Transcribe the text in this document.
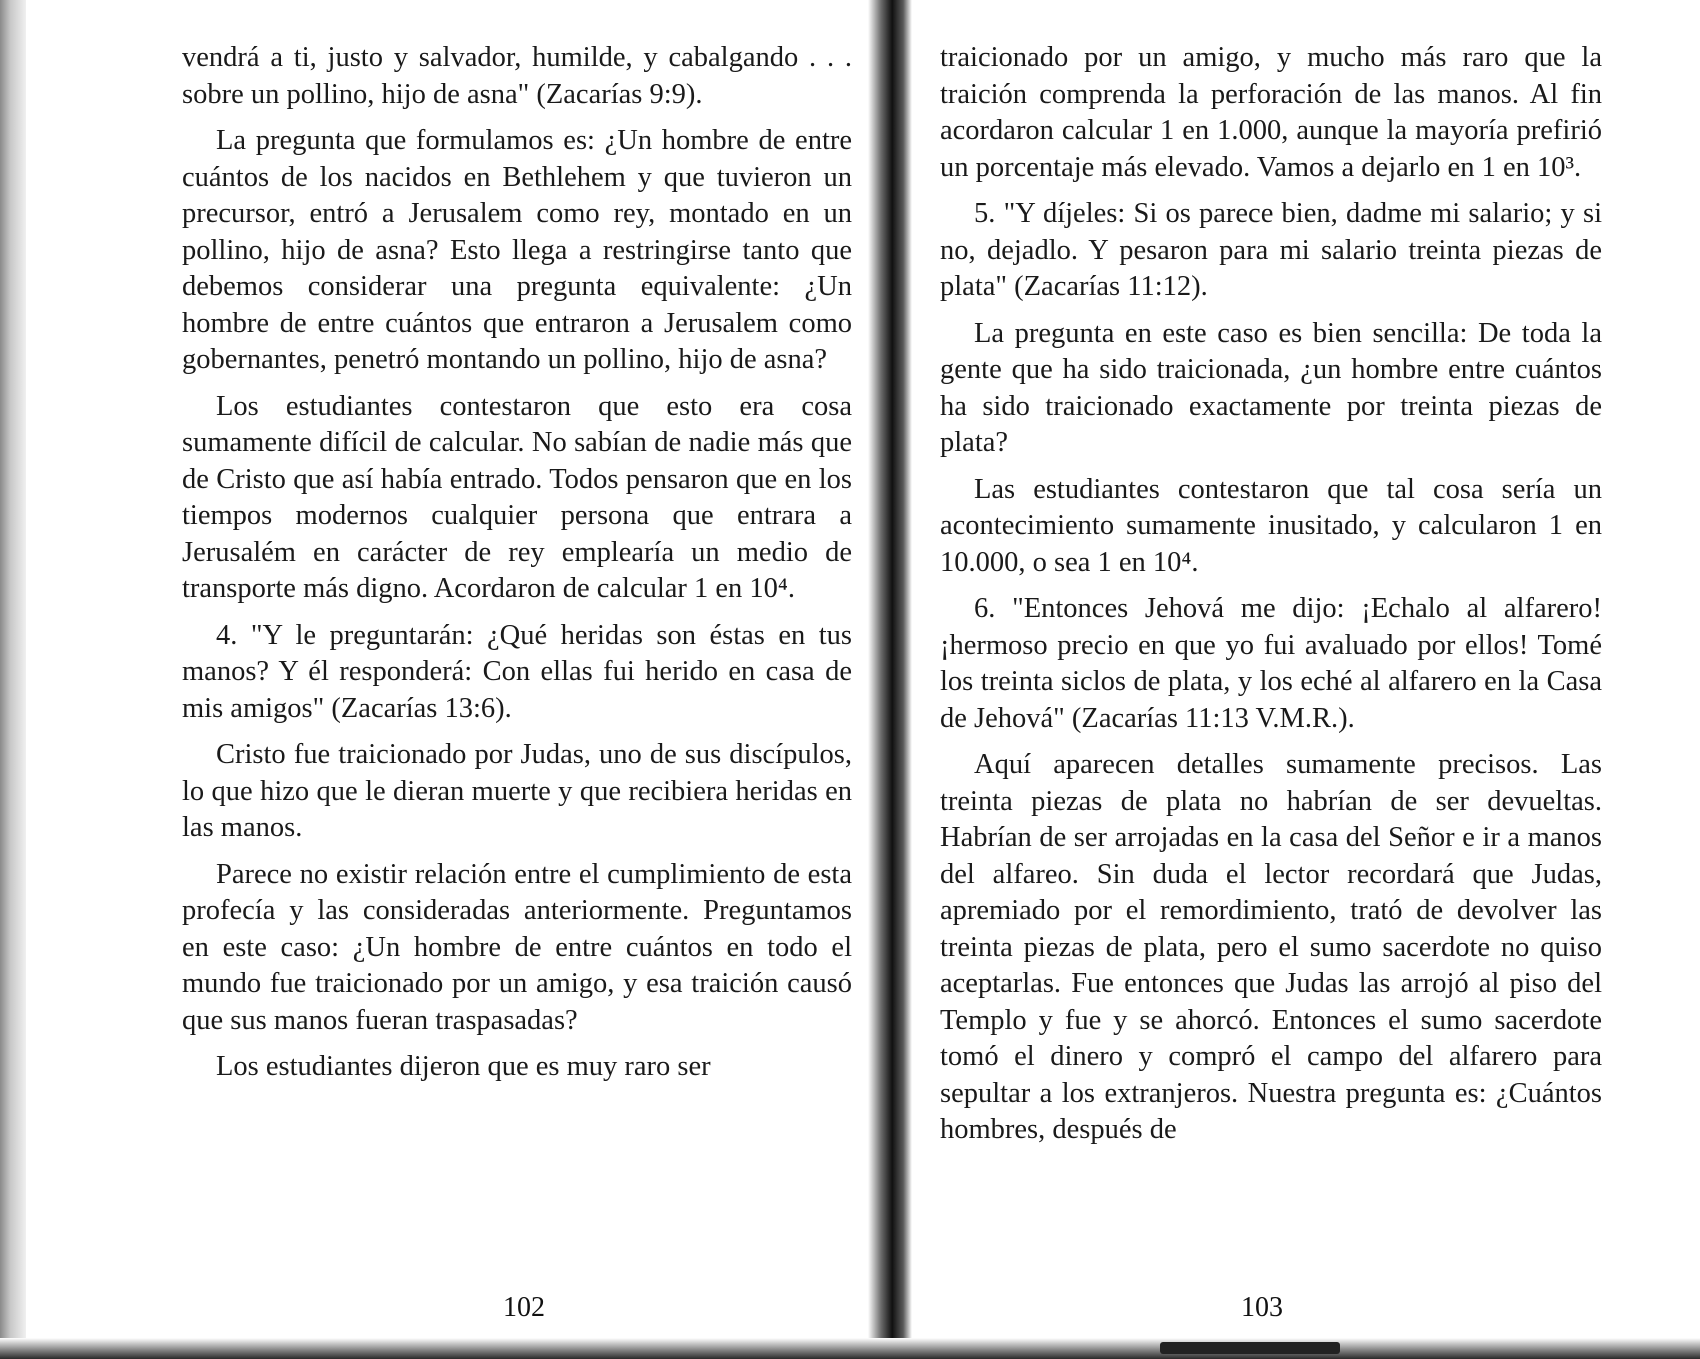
vendrá a ti, justo y salvador, humilde, y cabalgando . . . sobre un pollino, hijo de asna" (Zacarías 9:9).

La pregunta que formulamos es: ¿Un hombre de entre cuántos de los nacidos en Bethlehem y que tuvieron un precursor, entró a Jerusalem como rey, montado en un pollino, hijo de asna? Esto llega a restringirse tanto que debemos considerar una pregunta equivalente: ¿Un hombre de entre cuántos que entraron a Jerusalem como gobernantes, penetró montando un pollino, hijo de asna?

Los estudiantes contestaron que esto era cosa sumamente difícil de calcular. No sabían de nadie más que de Cristo que así había entrado. Todos pensaron que en los tiempos modernos cualquier persona que entrara a Jerusalém en carácter de rey emplearía un medio de transporte más digno. Acordaron de calcular 1 en 10⁴.

4. "Y le preguntarán: ¿Qué heridas son éstas en tus manos? Y él responderá: Con ellas fui herido en casa de mis amigos" (Zacarías 13:6).

Cristo fue traicionado por Judas, uno de sus discípulos, lo que hizo que le dieran muerte y que recibiera heridas en las manos.

Parece no existir relación entre el cumplimiento de esta profecía y las consideradas anteriormente. Preguntamos en este caso: ¿Un hombre de entre cuántos en todo el mundo fue traicionado por un amigo, y esa traición causó que sus manos fueran traspasadas?

Los estudiantes dijeron que es muy raro ser

102

traicionado por un amigo, y mucho más raro que la traición comprenda la perforación de las manos. Al fin acordaron calcular 1 en 1.000, aunque la mayoría prefirió un porcentaje más elevado. Vamos a dejarlo en 1 en 10³.

5. "Y díjeles: Si os parece bien, dadme mi salario; y si no, dejadlo. Y pesaron para mi salario treinta piezas de plata" (Zacarías 11:12).

La pregunta en este caso es bien sencilla: De toda la gente que ha sido traicionada, ¿un hombre entre cuántos ha sido traicionado exactamente por treinta piezas de plata?

Las estudiantes contestaron que tal cosa sería un acontecimiento sumamente inusitado, y calcularon 1 en 10.000, o sea 1 en 10⁴.

6. "Entonces Jehová me dijo: ¡Echalo al alfarero! ¡hermoso precio en que yo fui avaluado por ellos! Tomé los treinta siclos de plata, y los eché al alfarero en la Casa de Jehová" (Zacarías 11:13 V.M.R.).

Aquí aparecen detalles sumamente precisos. Las treinta piezas de plata no habrían de ser devueltas. Habrían de ser arrojadas en la casa del Señor e ir a manos del alfareo. Sin duda el lector recordará que Judas, apremiado por el remordimiento, trató de devolver las treinta piezas de plata, pero el sumo sacerdote no quiso aceptarlas. Fue entonces que Judas las arrojó al piso del Templo y fue y se ahorcó. Entonces el sumo sacerdote tomó el dinero y compró el campo del alfarero para sepultar a los extranjeros. Nuestra pregunta es: ¿Cuántos hombres, después de

103
